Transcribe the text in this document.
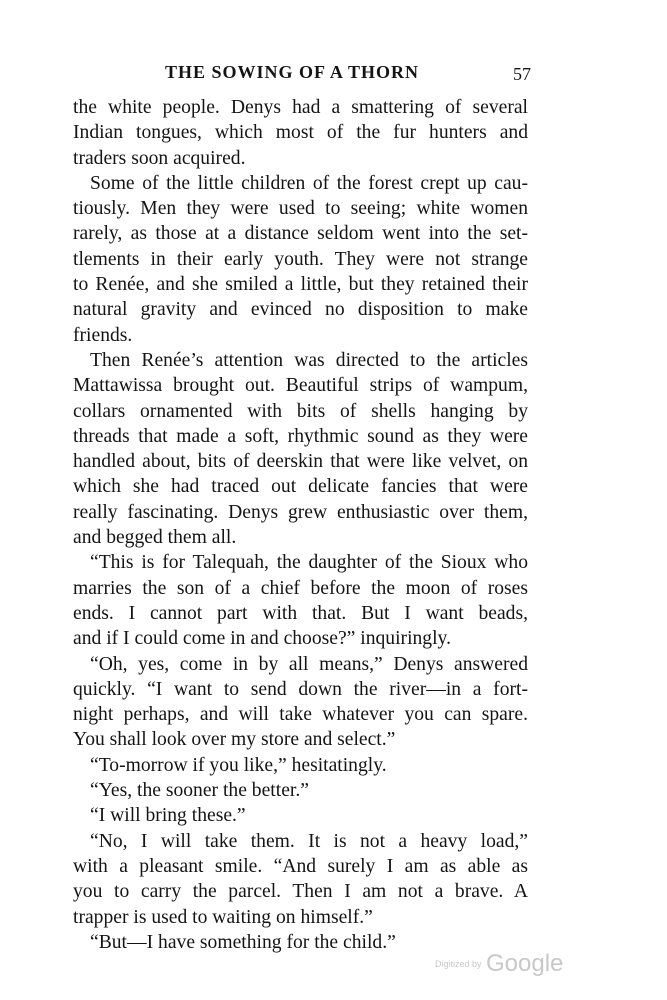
THE SOWING OF A THORN	57
the white people. Denys had a smattering of several
Indian tongues, which most of the fur hunters and
traders soon acquired.
Some of the little children of the forest crept up cau-
tiously. Men they were used to seeing; white women
rarely, as those at a distance seldom went into the set-
tlements in their early youth. They were not strange
to Renée, and she smiled a little, but they retained their
natural gravity and evinced no disposition to make
friends.
Then Renée’s attention was directed to the articles
Mattawissa brought out. Beautiful strips of wampum,
collars ornamented with bits of shells hanging by
threads that made a soft, rhythmic sound as they were
handled about, bits of deerskin that were like velvet, on
which she had traced out delicate fancies that were
really fascinating. Denys grew enthusiastic over them,
and begged them all.
“This is for Talequah, the daughter of the Sioux who
marries the son of a chief before the moon of roses
ends. I cannot part with that. But I want beads,
and if I could come in and choose?” inquiringly.
“Oh, yes, come in by all means,” Denys answered
quickly. “I want to send down the river—in a fort-
night perhaps, and will take whatever you can spare.
You shall look over my store and select.”
“To-morrow if you like,” hesitatingly.
“Yes, the sooner the better.”
“I will bring these.”
“No, I will take them. It is not a heavy load,”
with a pleasant smile. “And surely I am as able as
you to carry the parcel. Then I am not a brave. A
trapper is used to waiting on himself.”
“But—I have something for the child.”
Digitized by Google
